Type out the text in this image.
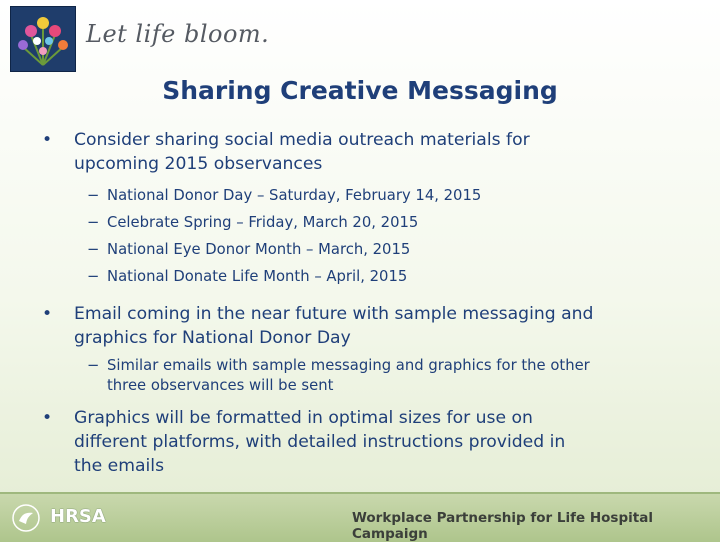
Let life bloom.
Sharing Creative Messaging
•	Consider sharing social media outreach materials for
upcoming 2015 observances
− National Donor Day – Saturday, February 14, 2015
− Celebrate Spring – Friday, March 20, 2015
− National Eye Donor Month – March, 2015
− National Donate Life Month – April, 2015
•	Email coming in the near future with sample messaging and
graphics for National Donor Day
− Similar emails with sample messaging and graphics for the other
three observances will be sent
•	Graphics will be formatted in optimal sizes for use on
different platforms, with detailed instructions provided in
the emails
HRSA	Workplace Partnership for Life Hospital Campaign
